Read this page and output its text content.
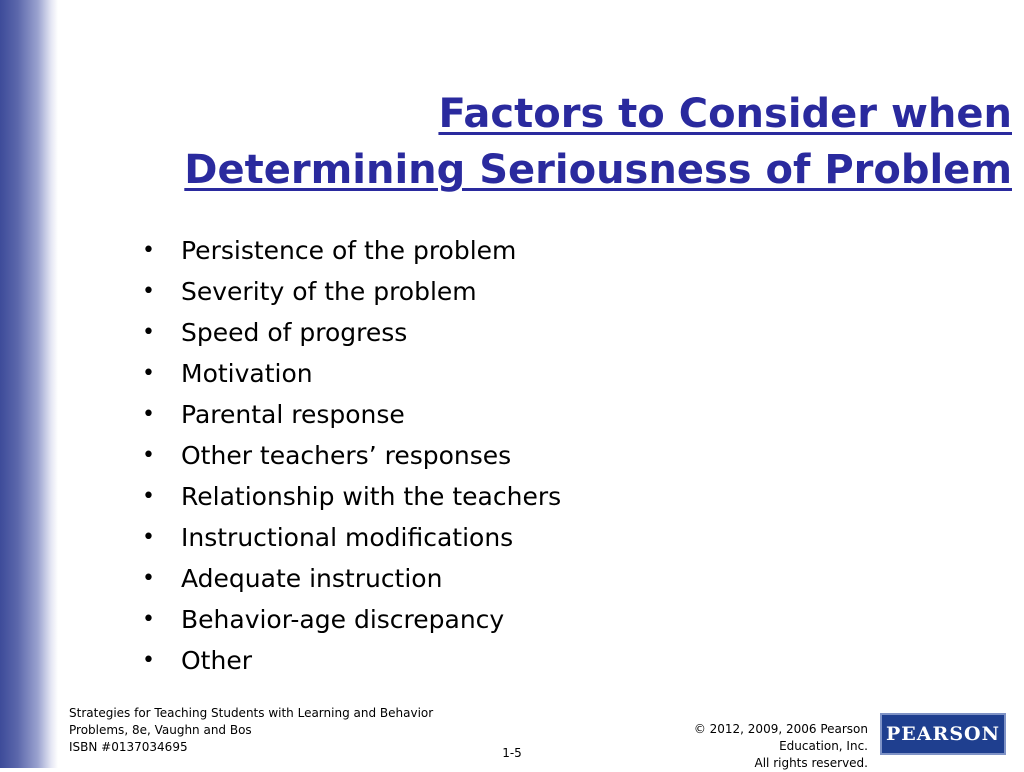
Factors to Consider when
Determining Seriousness of Problem
•	Persistence of the problem
•	Severity of the problem
•	Speed of progress
•	Motivation
•	Parental response
•	Other teachers’ responses
•	Relationship with the teachers
•	Instructional modifications
•	Adequate instruction
•	Behavior-age discrepancy
•	Other
Strategies for Teaching Students with Learning and Behavior
Problems, 8e, Vaughn and Bos
ISBN #0137034695	1-5
© 2012, 2009, 2006 Pearson
Education, Inc.
All rights reserved.
PEARSON
